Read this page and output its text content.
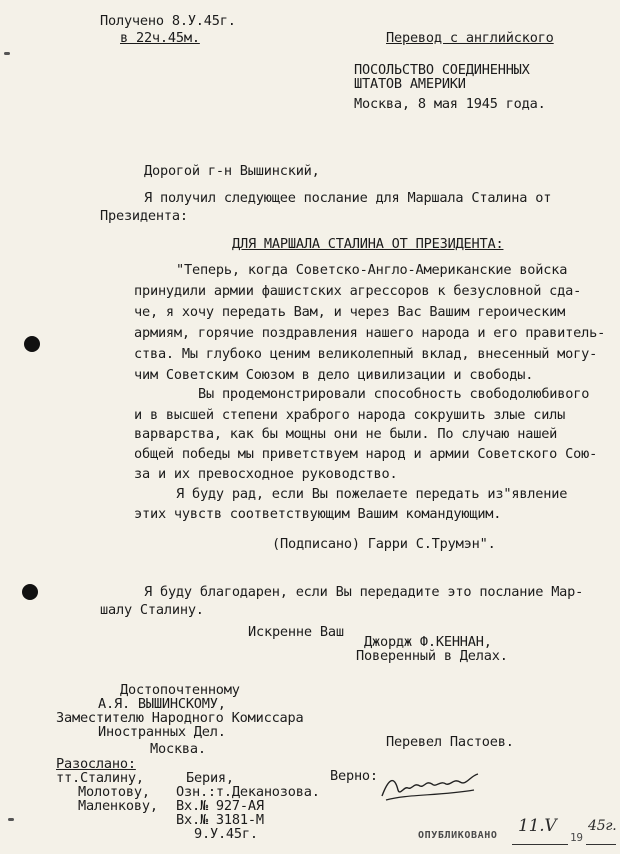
Получено 8.У.45г.
в 22ч.45м.	Перевод с английского
ПОСОЛЬСТВО СОЕДИНЕННЫХ
ШТАТОВ АМЕРИКИ
Москва, 8 мая 1945 года.
Дорогой г-н Вышинский,
Я получил следующее послание для Маршала Сталина от
Президента:
ДЛЯ МАРШАЛА СТАЛИНА ОТ ПРЕЗИДЕНТА:
"Теперь, когда Советско-Англо-Американские войска
принудили армии фашистских агрессоров к безусловной сда-
че, я хочу передать Вам, и через Вас Вашим героическим
армиям, горячие поздравления нашего народа и его правитель-
ства. Мы глубоко ценим великолепный вклад, внесенный могу-
чим Советским Союзом в дело цивилизации и свободы.
Вы продемонстрировали способность свободолюбивого
и в высшей степени храброго народа сокрушить злые силы
варварства, как бы мощны они не были. По случаю нашей
общей победы мы приветствуем народ и армии Советского Сою-
за и их превосходное руководство.
Я буду рад, если Вы пожелаете передать из"явление
этих чувств соответствующим Вашим командующим.
(Подписано) Гарри С.Трумэн".
Я буду благодарен, если Вы передадите это послание Мар-
шалу Сталину.
Искренне Ваш
Джордж Ф.КЕННАН,
Поверенный в Делах.
Достопочтенному
А.Я. ВЫШИНСКОМУ,
Заместителю Народного Комиссара
Иностранных Дел.
Москва.	Перевел Пастоев.
Разослано:
тт.Сталину,
Молотову,
Маленкову,
Берия,
Озн.:т.Деканозова.
Вх.№ 927-АЯ
Вх.№ 3181-М
9.У.45г.
Верно:
ОПУБЛИКОВАНО 11.V
19
45г.
